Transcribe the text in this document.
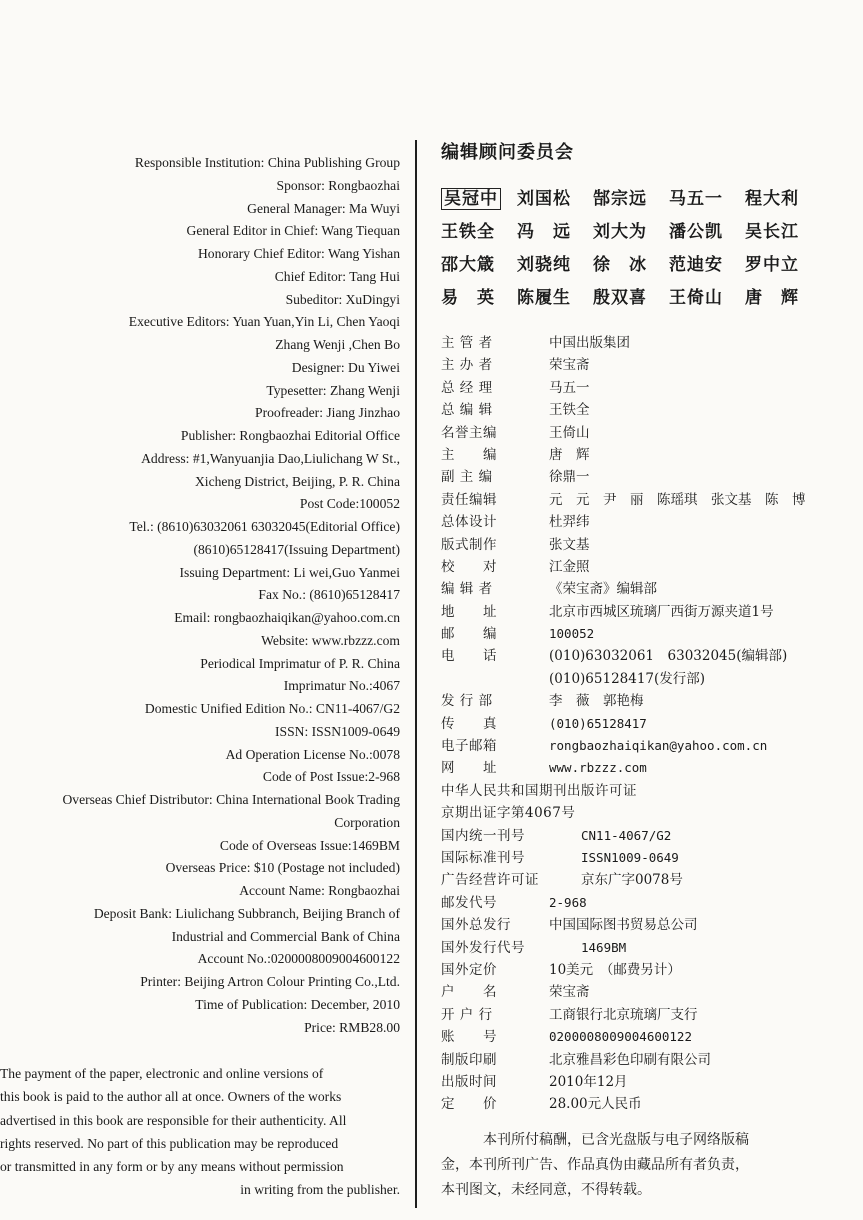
Responsible Institution: China Publishing Group
Sponsor: Rongbaozhai
General Manager: Ma Wuyi
General Editor in Chief: Wang Tiequan
Honorary Chief Editor: Wang Yishan
Chief Editor: Tang Hui
Subeditor: XuDingyi
Executive Editors: Yuan Yuan,Yin Li, Chen Yaoqi
Zhang Wenji ,Chen Bo
Designer: Du Yiwei
Typesetter: Zhang Wenji
Proofreader: Jiang Jinzhao
Publisher: Rongbaozhai Editorial Office
Address: #1,Wanyuanjia Dao,Liulichang W St.,
Xicheng District, Beijing, P. R. China
Post Code:100052
Tel.: (8610)63032061 63032045(Editorial Office)
(8610)65128417(Issuing Department)
Issuing Department: Li wei,Guo Yanmei
Fax No.: (8610)65128417
Email: rongbaozhaiqikan@yahoo.com.cn
Website: www.rbzzz.com
Periodical Imprimatur of P. R. China
Imprimatur No.:4067
Domestic Unified Edition No.: CN11-4067/G2
ISSN: ISSN1009-0649
Ad Operation License No.:0078
Code of Post Issue:2-968
Overseas Chief Distributor: China International Book Trading
Corporation
Code of Overseas Issue:1469BM
Overseas Price: $10 (Postage not included)
Account Name: Rongbaozhai
Deposit Bank: Liulichang Subbranch, Beijing Branch of
Industrial and Commercial Bank of China
Account No.:0200008009004600122
Printer: Beijing Artron Colour Printing Co.,Ltd.
Time of Publication: December, 2010
Price: RMB28.00

The payment of the paper, electronic and online versions of

this book is paid to the author all at once. Owners of the works

advertised in this book are responsible for their authenticity. All

rights reserved. No part of this publication may be reproduced

or transmitted in any form or by any means without permission

in writing from the publisher.

编辑顾问委员会
吴冠中	刘国松	郜宗远	马五一	程大利
王铁全	冯　远	刘大为	潘公凯	吴长江
邵大箴	刘骁纯	徐　冰	范迪安	罗中立
易　英	陈履生	殷双喜	王倚山	唐　辉
主 管 者	中国出版集团
主 办 者	荣宝斋
总 经 理	马五一
总 编 辑	王铁全
名誉主编	王倚山
主　　编	唐　辉
副 主 编	徐鼎一
责任编辑	元　元　尹　丽　陈瑶琪　张文基　陈　博
总体设计	杜羿纬
版式制作	张文基
校　　对	江金照
编 辑 者	《荣宝斋》编辑部
地　　址	北京市西城区琉璃厂西街万源夹道1号
邮　　编	100052
电　　话	(010)63032061　63032045(编辑部)
(010)65128417(发行部)
发 行 部	李　薇　郭艳梅
传　　真	(010)65128417
电子邮箱	rongbaozhaiqikan@yahoo.com.cn
网　　址	www.rbzzz.com
中华人民共和国期刊出版许可证
京期出证字第4067号
国内统一刊号	CN11-4067/G2
国际标准刊号	ISSN1009-0649
广告经营许可证	京东广字0078号
邮发代号	2-968
国外总发行	中国国际图书贸易总公司
国外发行代号	1469BM
国外定价	10美元　（邮费另计）
户　　名	荣宝斋
开 户 行	工商银行北京琉璃厂支行
账　　号	0200008009004600122
制版印刷	北京雅昌彩色印刷有限公司
出版时间	2010年12月
定　　价	28.00元人民币

本刊所付稿酬，已含光盘版与电子网络版稿

金，本刊所刊广告、作品真伪由藏品所有者负责，

本刊图文，未经同意，不得转载。
